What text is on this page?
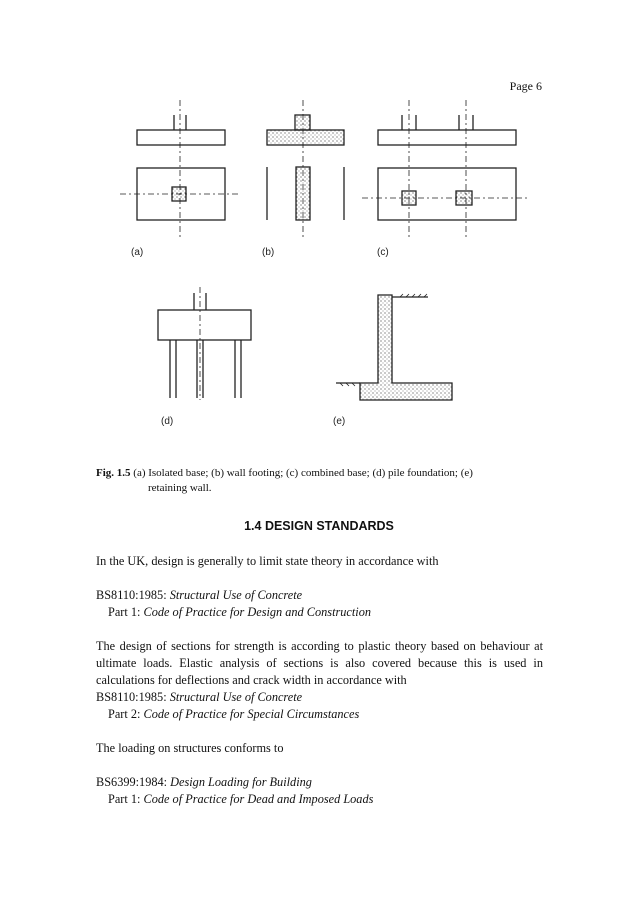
Page 6
(a)	(b)	(c)
(d)	(e)
Fig. 1.5 (a) Isolated base; (b) wall footing; (c) combined base; (d) pile foundation; (e)
retaining wall.
1.4 DESIGN STANDARDS

In the UK, design is generally to limit state theory in accordance with

BS8110:1985: Structural Use of Concrete
Part 1: Code of Practice for Design and Construction

The design of sections for strength is according to plastic theory based on behaviour at ultimate loads. Elastic analysis of sections is also covered because this is used in calculations for deflections and crack width in accordance with

BS8110:1985: Structural Use of Concrete
Part 2: Code of Practice for Special Circumstances

The loading on structures conforms to

BS6399:1984: Design Loading for Building
Part 1: Code of Practice for Dead and Imposed Loads
